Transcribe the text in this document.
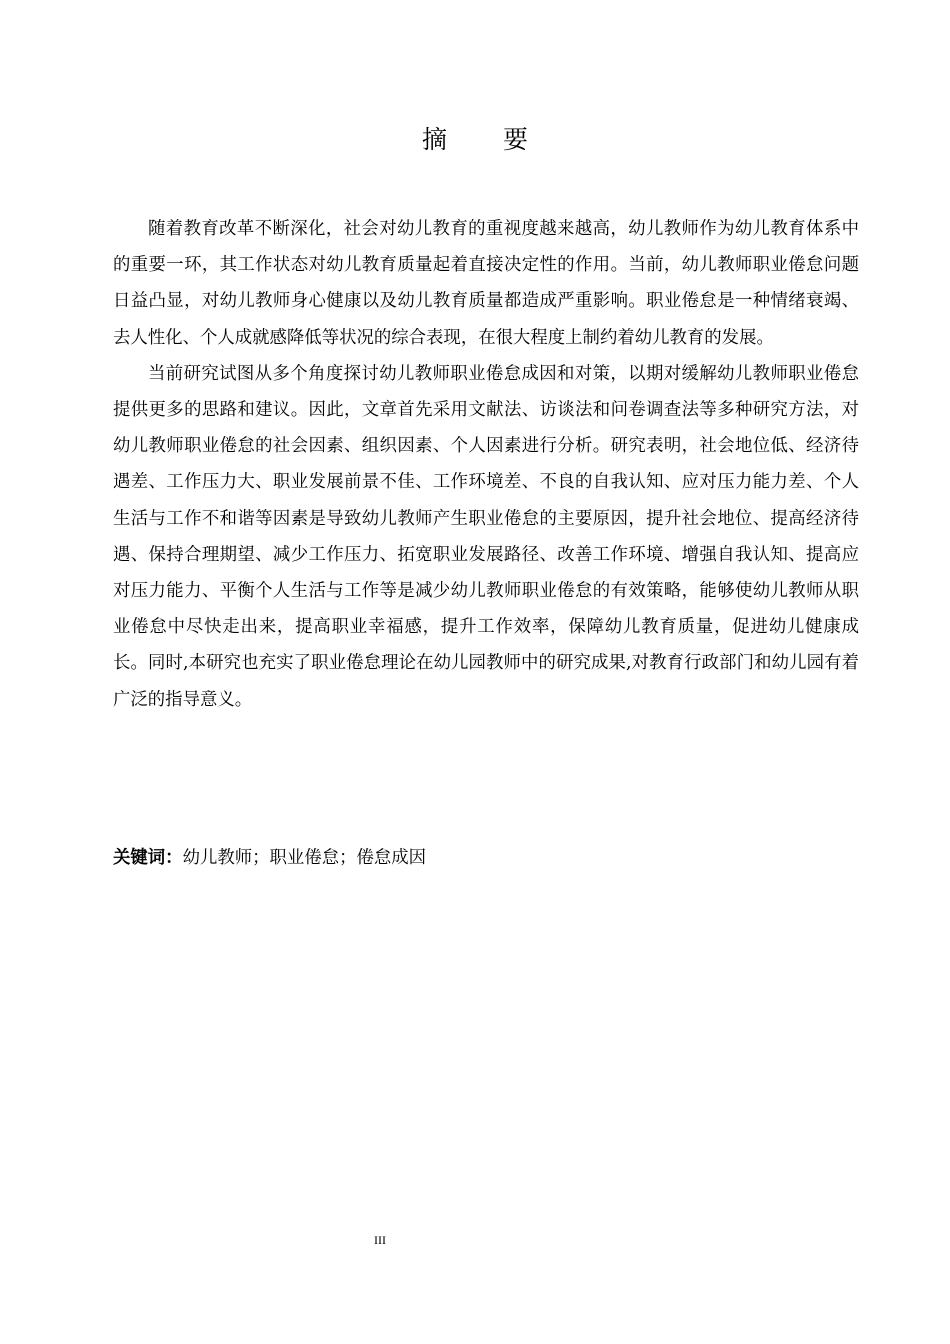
摘 要

随着教育改革不断深化，社会对幼儿教育的重视度越来越高，幼儿教师作为幼儿教育体系中的重要一环，其工作状态对幼儿教育质量起着直接决定性的作用。当前，幼儿教师职业倦怠问题日益凸显，对幼儿教师身心健康以及幼儿教育质量都造成严重影响。职业倦怠是一种情绪衰竭、去人性化、个人成就感降低等状况的综合表现，在很大程度上制约着幼儿教育的发展。

当前研究试图从多个角度探讨幼儿教师职业倦怠成因和对策，以期对缓解幼儿教师职业倦怠提供更多的思路和建议。因此，文章首先采用文献法、访谈法和问卷调查法等多种研究方法，对幼儿教师职业倦怠的社会因素、组织因素、个人因素进行分析。研究表明，社会地位低、经济待遇差、工作压力大、职业发展前景不佳、工作环境差、不良的自我认知、应对压力能力差、个人生活与工作不和谐等因素是导致幼儿教师产生职业倦怠的主要原因，提升社会地位、提高经济待遇、保持合理期望、减少工作压力、拓宽职业发展路径、改善工作环境、增强自我认知、提高应对压力能力、平衡个人生活与工作等是减少幼儿教师职业倦怠的有效策略，能够使幼儿教师从职业倦怠中尽快走出来，提高职业幸福感，提升工作效率，保障幼儿教育质量，促进幼儿健康成长。同时,本研究也充实了职业倦怠理论在幼儿园教师中的研究成果,对教育行政部门和幼儿园有着广泛的指导意义。

关键词：幼儿教师；职业倦怠；倦怠成因

III
